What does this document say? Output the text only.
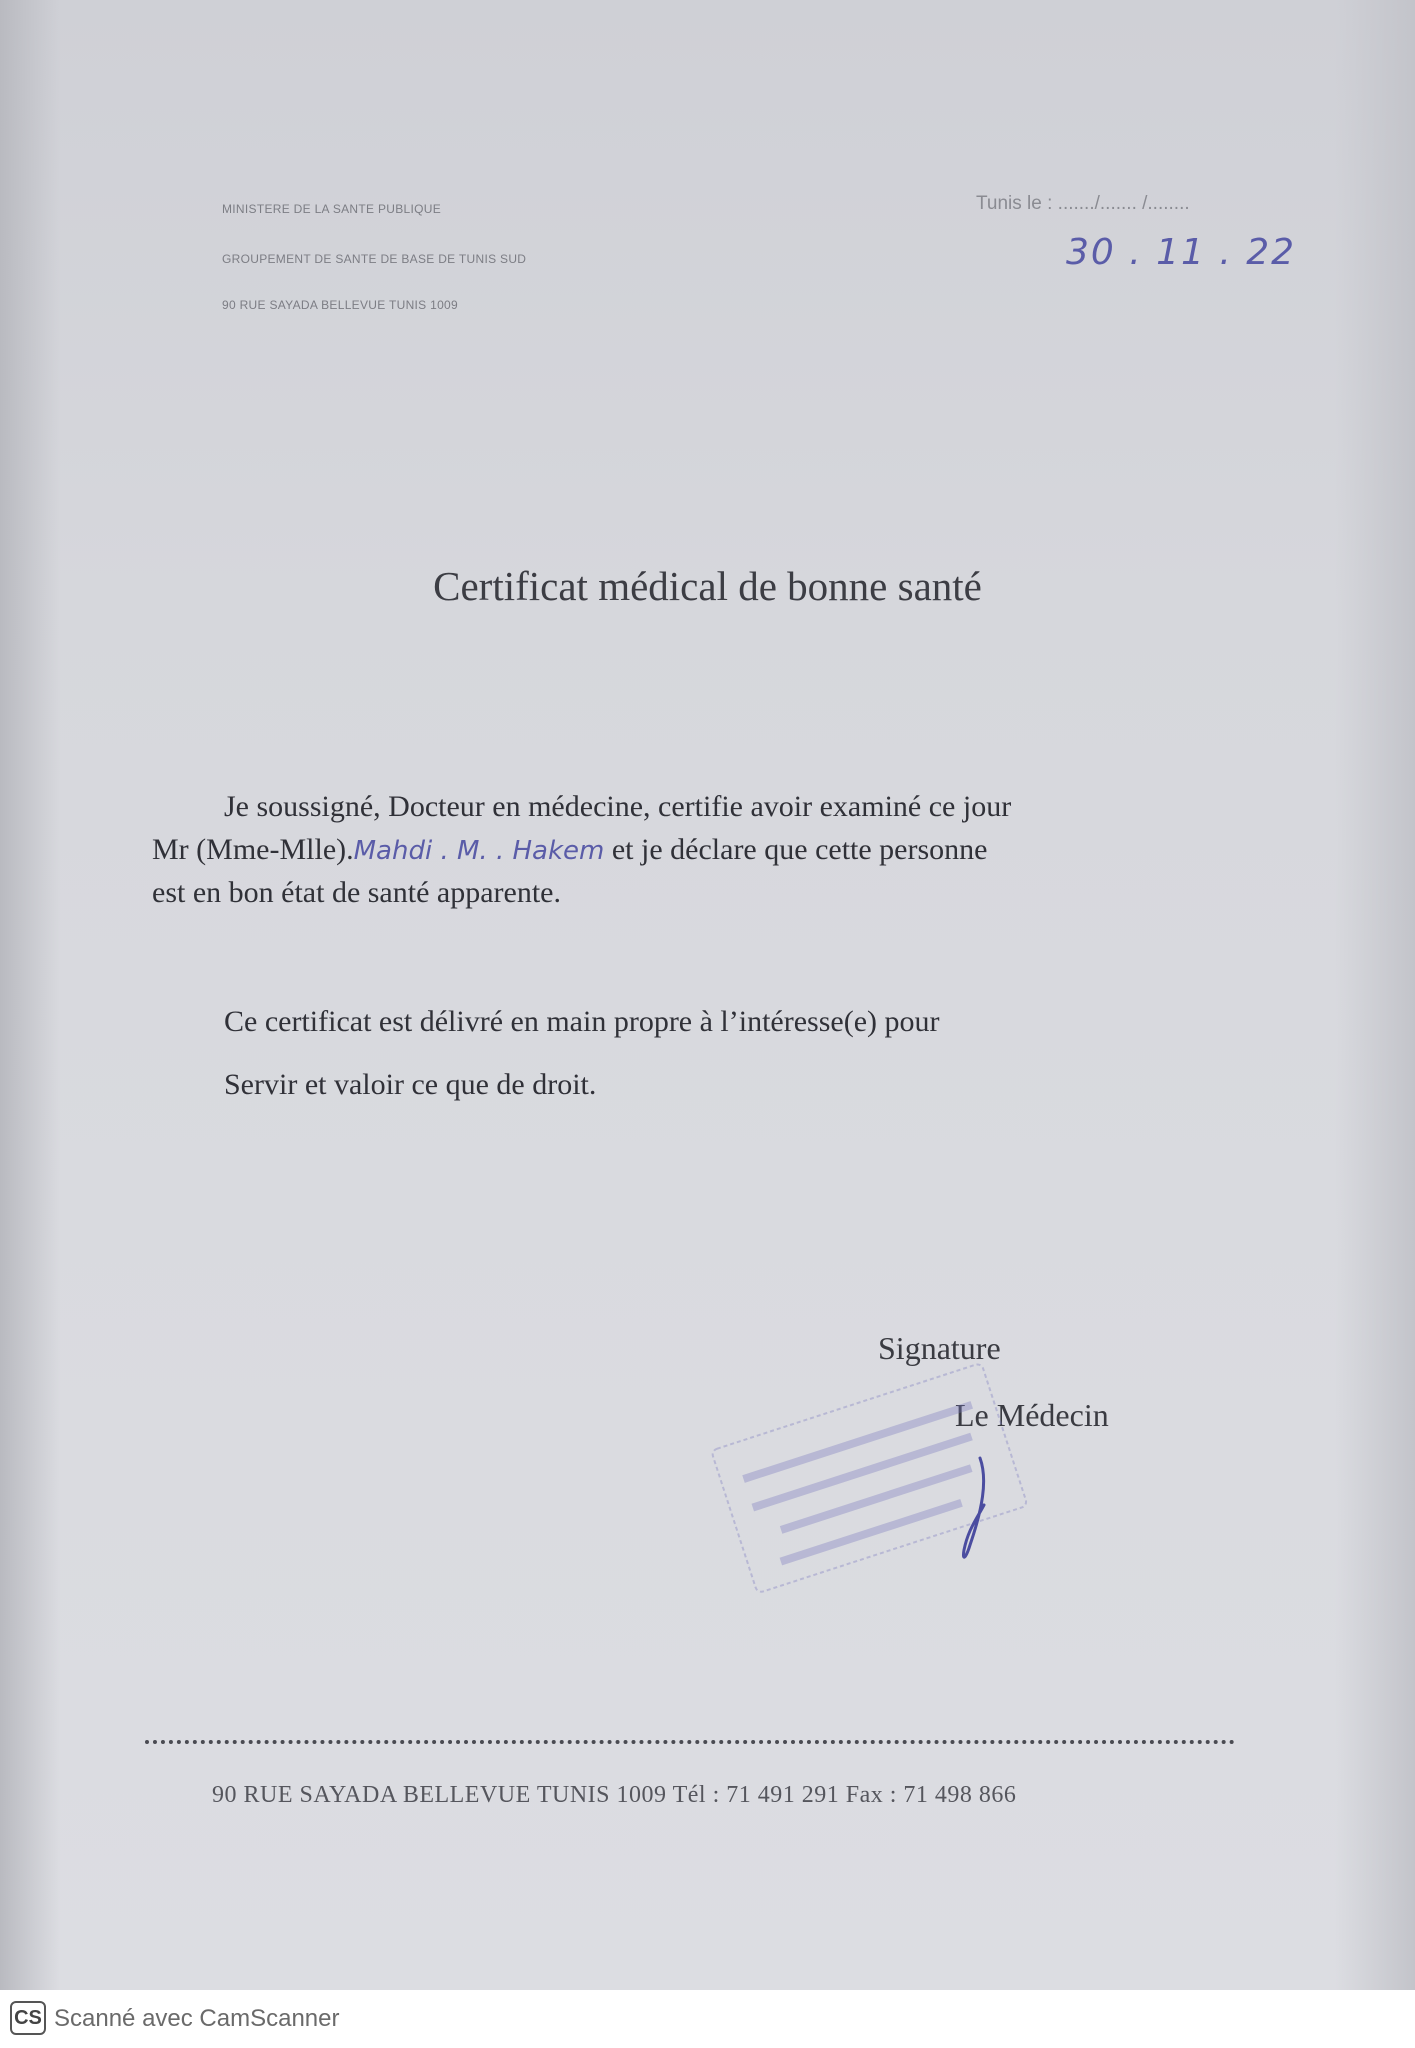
MINISTERE DE LA SANTE PUBLIQUE
GROUPEMENT DE SANTE DE BASE DE TUNIS SUD
90 RUE SAYADA BELLEVUE TUNIS 1009
Tunis le : ......./....... /........
30 . 11 . 22
Certificat médical de bonne santé
Je soussigné, Docteur en médecine, certifie avoir examiné ce jour
Mr (Mme-Mlle).Mahdi . M. . Hakem et je déclare que cette personne
est en bon état de santé apparente.
Ce certificat est délivré en main propre à l’intéresse(e) pour
Servir et valoir ce que de droit.
Signature
Le Médecin
90 RUE SAYADA BELLEVUE TUNIS 1009 Tél : 71 491 291 Fax : 71 498 866
CS Scanné avec CamScanner
